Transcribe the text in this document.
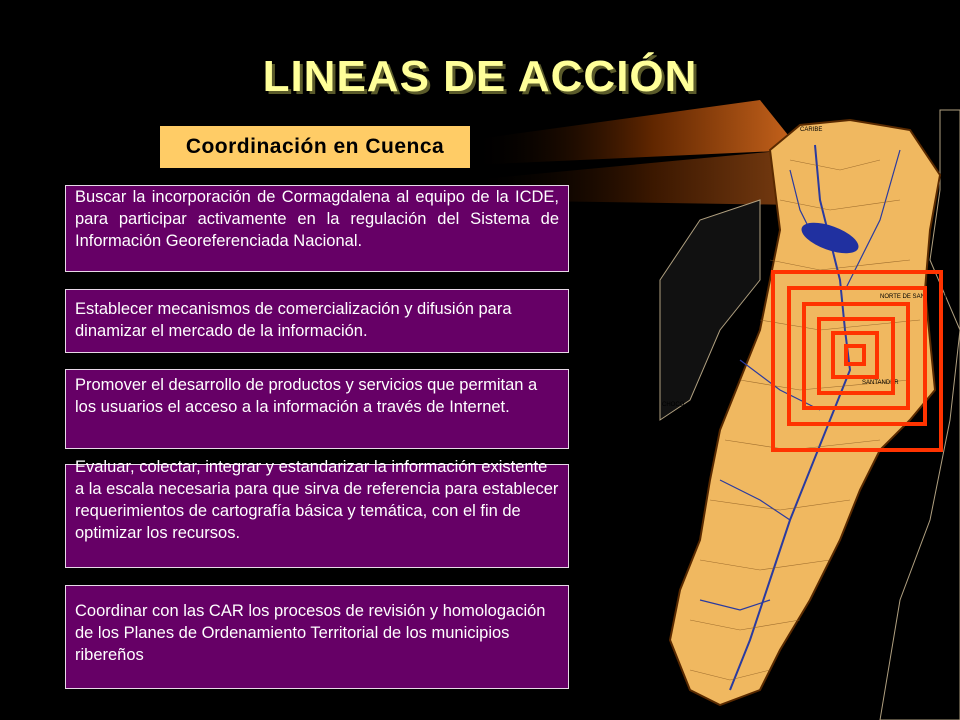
LINEAS DE ACCIÓN
Coordinación en Cuenca
Buscar la incorporación de Cormagdalena al equipo de la ICDE, para participar activamente en la regulación del Sistema de Información Georeferenciada Nacional.
Establecer mecanismos de comercialización y difusión para dinamizar el mercado de la información.
Promover el desarrollo de productos y servicios que permitan a los usuarios el acceso a la información a través de Internet.
Evaluar, colectar, integrar y estandarizar la información existente a la escala necesaria para que sirva de referencia para establecer requerimientos de cartografía básica y temática, con el fin de optimizar los recursos.
Coordinar con las CAR los procesos de revisión y homologación de los Planes de Ordenamiento Territorial de los municipios ribereños
CARIBE
NORTE DE SANTANDER
CHOCO
SANTANDER
